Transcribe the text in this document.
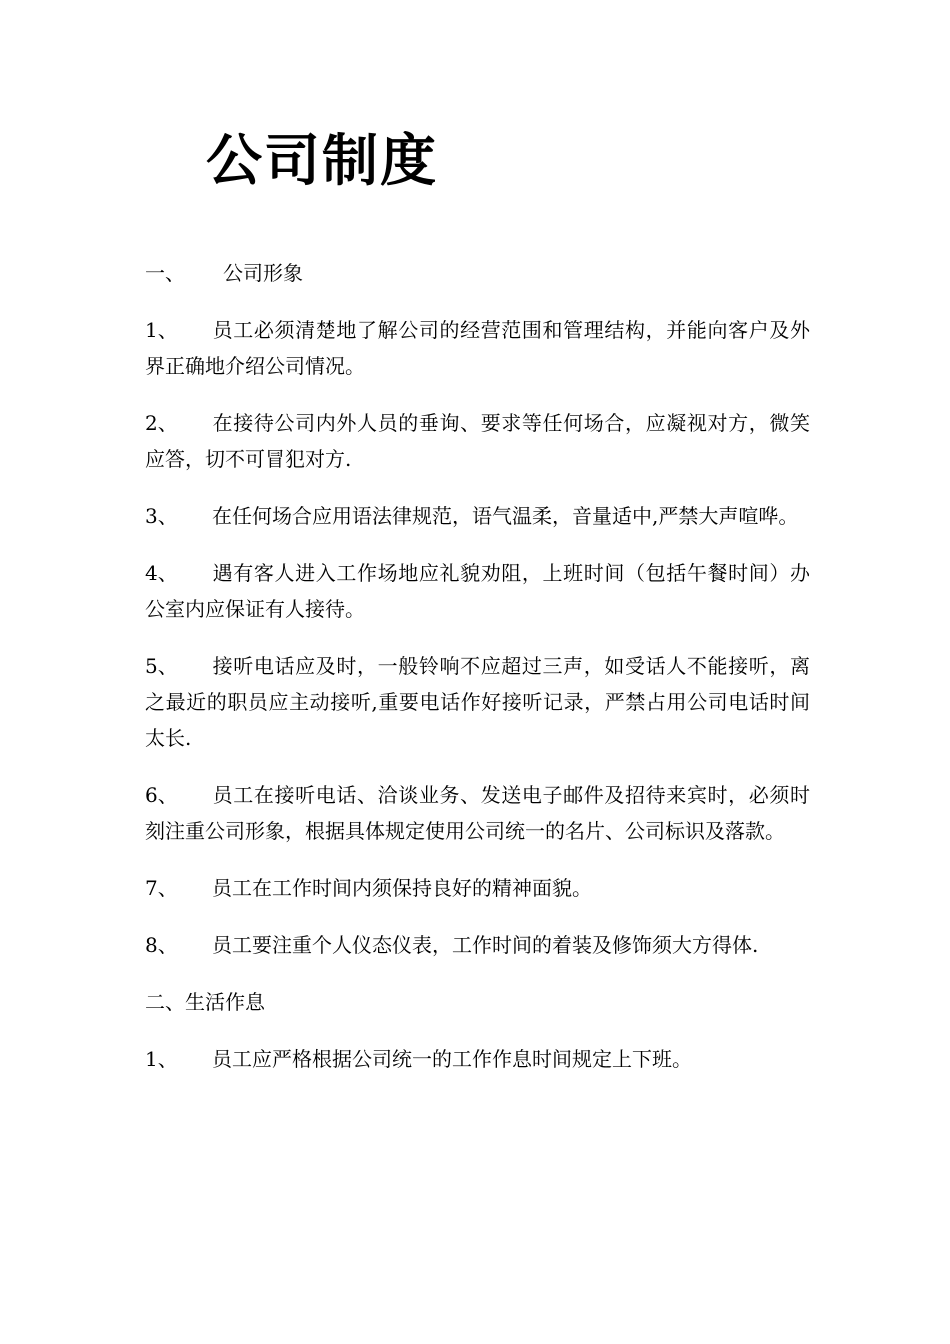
公司制度
一、 公司形象
1、 员工必须清楚地了解公司的经营范围和管理结构，并能向客户及外界正确地介绍公司情况。
2、 在接待公司内外人员的垂询、要求等任何场合，应凝视对方，微笑应答，切不可冒犯对方.
3、 在任何场合应用语法律规范，语气温柔，音量适中,严禁大声喧哗。
4、 遇有客人进入工作场地应礼貌劝阻，上班时间（包括午餐时间）办公室内应保证有人接待。
5、 接听电话应及时，一般铃响不应超过三声，如受话人不能接听，离之最近的职员应主动接听,重要电话作好接听记录，严禁占用公司电话时间太长.
6、 员工在接听电话、洽谈业务、发送电子邮件及招待来宾时，必须时刻注重公司形象，根据具体规定使用公司统一的名片、公司标识及落款。
7、 员工在工作时间内须保持良好的精神面貌。
8、 员工要注重个人仪态仪表，工作时间的着装及修饰须大方得体.
二、生活作息
1、 员工应严格根据公司统一的工作作息时间规定上下班。
